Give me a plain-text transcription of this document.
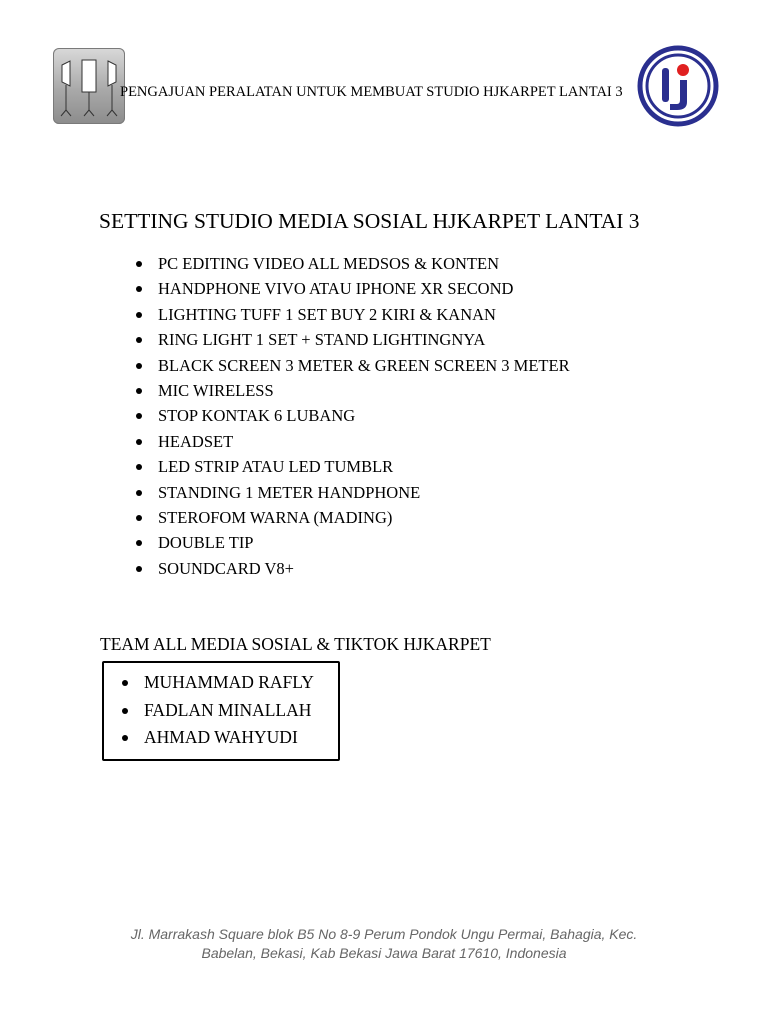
PENGAJUAN PERALATAN UNTUK MEMBUAT STUDIO HJKARPET LANTAI 3
SETTING STUDIO MEDIA SOSIAL HJKARPET LANTAI 3
PC EDITING VIDEO ALL MEDSOS & KONTEN
HANDPHONE VIVO ATAU IPHONE XR SECOND
LIGHTING TUFF 1 SET BUY 2 KIRI & KANAN
RING LIGHT 1 SET + STAND LIGHTINGNYA
BLACK SCREEN 3 METER & GREEN SCREEN 3 METER
MIC WIRELESS
STOP KONTAK 6 LUBANG
HEADSET
LED STRIP ATAU LED TUMBLR
STANDING 1 METER HANDPHONE
STEROFOM WARNA (MADING)
DOUBLE TIP
SOUNDCARD V8+
TEAM ALL MEDIA SOSIAL & TIKTOK HJKARPET
MUHAMMAD RAFLY
FADLAN MINALLAH
AHMAD WAHYUDI
Jl. Marrakash Square blok B5 No 8-9 Perum Pondok Ungu Permai, Bahagia, Kec.
Babelan, Bekasi, Kab Bekasi Jawa Barat 17610, Indonesia
